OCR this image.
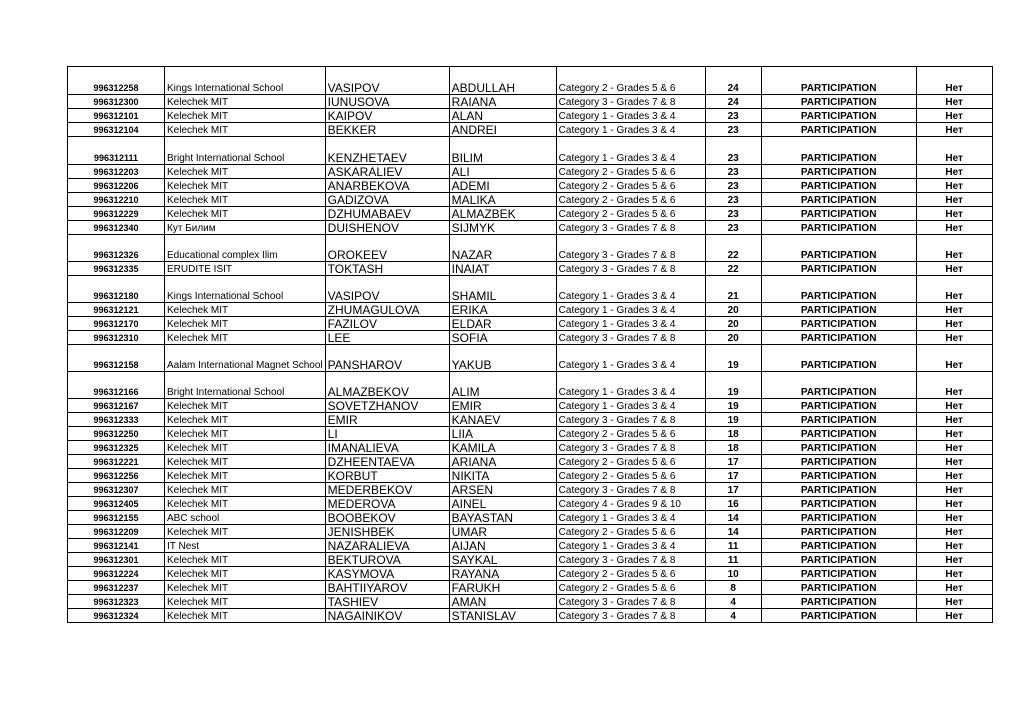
996312258	Kings International School	VASIPOV	ABDULLAH	Category 2 - Grades 5 & 6	24	PARTICIPATION	Нет
996312300	Kelechek MIT	IUNUSOVA	RAIANA	Category 3 - Grades 7 & 8	24	PARTICIPATION	Нет
996312101	Kelechek MIT	KAIPOV	ALAN	Category 1 - Grades 3 & 4	23	PARTICIPATION	Нет
996312104	Kelechek MIT	BEKKER	ANDREI	Category 1 - Grades 3 & 4	23	PARTICIPATION	Нет
996312111	Bright International School	KENZHETAEV	BILIM	Category 1 - Grades 3 & 4	23	PARTICIPATION	Нет
996312203	Kelechek MIT	ASKARALIEV	ALI	Category 2 - Grades 5 & 6	23	PARTICIPATION	Нет
996312206	Kelechek MIT	ANARBEKOVA	ADEMI	Category 2 - Grades 5 & 6	23	PARTICIPATION	Нет
996312210	Kelechek MIT	GADIZOVA	MALIKA	Category 2 - Grades 5 & 6	23	PARTICIPATION	Нет
996312229	Kelechek MIT	DZHUMABAEV	ALMAZBEK	Category 2 - Grades 5 & 6	23	PARTICIPATION	Нет
996312340	Кут Билим	DUISHENOV	SIJMYK	Category 3 - Grades 7 & 8	23	PARTICIPATION	Нет
996312326	Educational complex Ilim	OROKEEV	NAZAR	Category 3 - Grades 7 & 8	22	PARTICIPATION	Нет
996312335	ERUDITE ISIT	TOKTASH	INAIAT	Category 3 - Grades 7 & 8	22	PARTICIPATION	Нет
996312180	Kings International School	VASIPOV	SHAMIL	Category 1 - Grades 3 & 4	21	PARTICIPATION	Нет
996312121	Kelechek MIT	ZHUMAGULOVA	ERIKA	Category 1 - Grades 3 & 4	20	PARTICIPATION	Нет
996312170	Kelechek MIT	FAZILOV	ELDAR	Category 1 - Grades 3 & 4	20	PARTICIPATION	Нет
996312310	Kelechek MIT	LEE	SOFIA	Category 3 - Grades 7 & 8	20	PARTICIPATION	Нет
996312158	Aalam International Magnet School	PANSHAROV	YAKUB	Category 1 - Grades 3 & 4	19	PARTICIPATION	Нет
996312166	Bright International School	ALMAZBEKOV	ALIM	Category 1 - Grades 3 & 4	19	PARTICIPATION	Нет
996312167	Kelechek MIT	SOVETZHANOV	EMIR	Category 1 - Grades 3 & 4	19	PARTICIPATION	Нет
996312333	Kelechek MIT	EMIR	KANAEV	Category 3 - Grades 7 & 8	19	PARTICIPATION	Нет
996312250	Kelechek MIT	LI	LIIA	Category 2 - Grades 5 & 6	18	PARTICIPATION	Нет
996312325	Kelechek MIT	IMANALIEVA	KAMILA	Category 3 - Grades 7 & 8	18	PARTICIPATION	Нет
996312221	Kelechek MIT	DZHEENTAEVA	ARIANA	Category 2 - Grades 5 & 6	17	PARTICIPATION	Нет
996312256	Kelechek MIT	KORBUT	NIKITA	Category 2 - Grades 5 & 6	17	PARTICIPATION	Нет
996312307	Kelechek MIT	MEDERBEKOV	ARSEN	Category 3 - Grades 7 & 8	17	PARTICIPATION	Нет
996312405	Kelechek MIT	MEDEROVA	AINEL	Category 4 - Grades 9 & 10	16	PARTICIPATION	Нет
996312155	ABC school	BOOBEKOV	BAYASTAN	Category 1 - Grades 3 & 4	14	PARTICIPATION	Нет
996312209	Kelechek MIT	JENISHBEK	UMAR	Category 2 - Grades 5 & 6	14	PARTICIPATION	Нет
996312141	IT Nest	NAZARALIEVA	AIJAN	Category 1 - Grades 3 & 4	11	PARTICIPATION	Нет
996312301	Kelechek MIT	BEKTUROVA	SAYKAL	Category 3 - Grades 7 & 8	11	PARTICIPATION	Нет
996312224	Kelechek MIT	KASYMOVA	RAYANA	Category 2 - Grades 5 & 6	10	PARTICIPATION	Нет
996312237	Kelechek MIT	BAHTIIYAROV	FARUKH	Category 2 - Grades 5 & 6	8	PARTICIPATION	Нет
996312323	Kelechek MIT	TASHIEV	AMAN	Category 3 - Grades 7 & 8	4	PARTICIPATION	Нет
996312324	Kelechek MIT	NAGAINIKOV	STANISLAV	Category 3 - Grades 7 & 8	4	PARTICIPATION	Нет
